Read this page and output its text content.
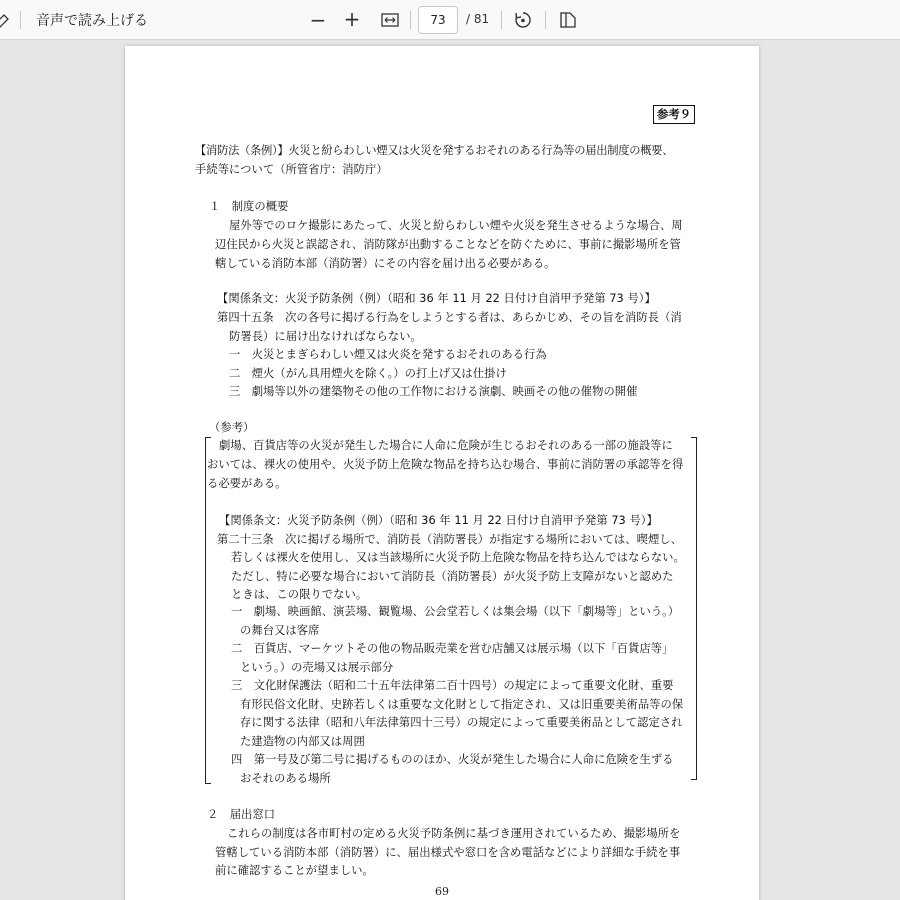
音声で読み上げる	− +
73	/ 81
参考９
【消防法（条例）】火災と紛らわしい煙又は火災を発するおそれのある行為等の届出制度の概要、
手続等について（所管省庁：消防庁）
１　制度の概要
屋外等でのロケ撮影にあたって、火災と紛らわしい煙や火災を発生させるような場合、周
辺住民から火災と誤認され、消防隊が出動することなどを防ぐために、事前に撮影場所を管
轄している消防本部（消防署）にその内容を届け出る必要がある。
【関係条文：火災予防条例（例）（昭和 36 年 11 月 22 日付け自消甲予発第 73 号）】
第四十五条　次の各号に掲げる行為をしようとする者は、あらかじめ、その旨を消防長（消
防署長）に届け出なければならない。
一　火災とまぎらわしい煙又は火炎を発するおそれのある行為
二　煙火（がん具用煙火を除く。）の打上げ又は仕掛け
三　劇場等以外の建築物その他の工作物における演劇、映画その他の催物の開催
（参考）
劇場、百貨店等の火災が発生した場合に人命に危険が生じるおそれのある一部の施設等に
おいては、裸火の使用や、火災予防上危険な物品を持ち込む場合、事前に消防署の承認等を得
る必要がある。
【関係条文：火災予防条例（例）（昭和 36 年 11 月 22 日付け自消甲予発第 73 号）】
第二十三条　次に掲げる場所で、消防長（消防署長）が指定する場所においては、喫煙し、
若しくは裸火を使用し、又は当該場所に火災予防上危険な物品を持ち込んではならない。
ただし、特に必要な場合において消防長（消防署長）が火災予防上支障がないと認めた
ときは、この限りでない。
一　劇場、映画館、演芸場、観覧場、公会堂若しくは集会場（以下「劇場等」という。）
の舞台又は客席
二　百貨店、マーケツトその他の物品販売業を営む店舗又は展示場（以下「百貨店等」
という。）の売場又は展示部分
三　文化財保護法（昭和二十五年法律第二百十四号）の規定によって重要文化財、重要
有形民俗文化財、史跡若しくは重要な文化財として指定され、又は旧重要美術品等の保
存に関する法律（昭和八年法律第四十三号）の規定によって重要美術品として認定され
た建造物の内部又は周囲
四　第一号及び第二号に掲げるもののほか、火災が発生した場合に人命に危険を生ずる
おそれのある場所
２　届出窓口
これらの制度は各市町村の定める火災予防条例に基づき運用されているため、撮影場所を
管轄している消防本部（消防署）に、届出様式や窓口を含め電話などにより詳細な手続を事
前に確認することが望ましい。
69
